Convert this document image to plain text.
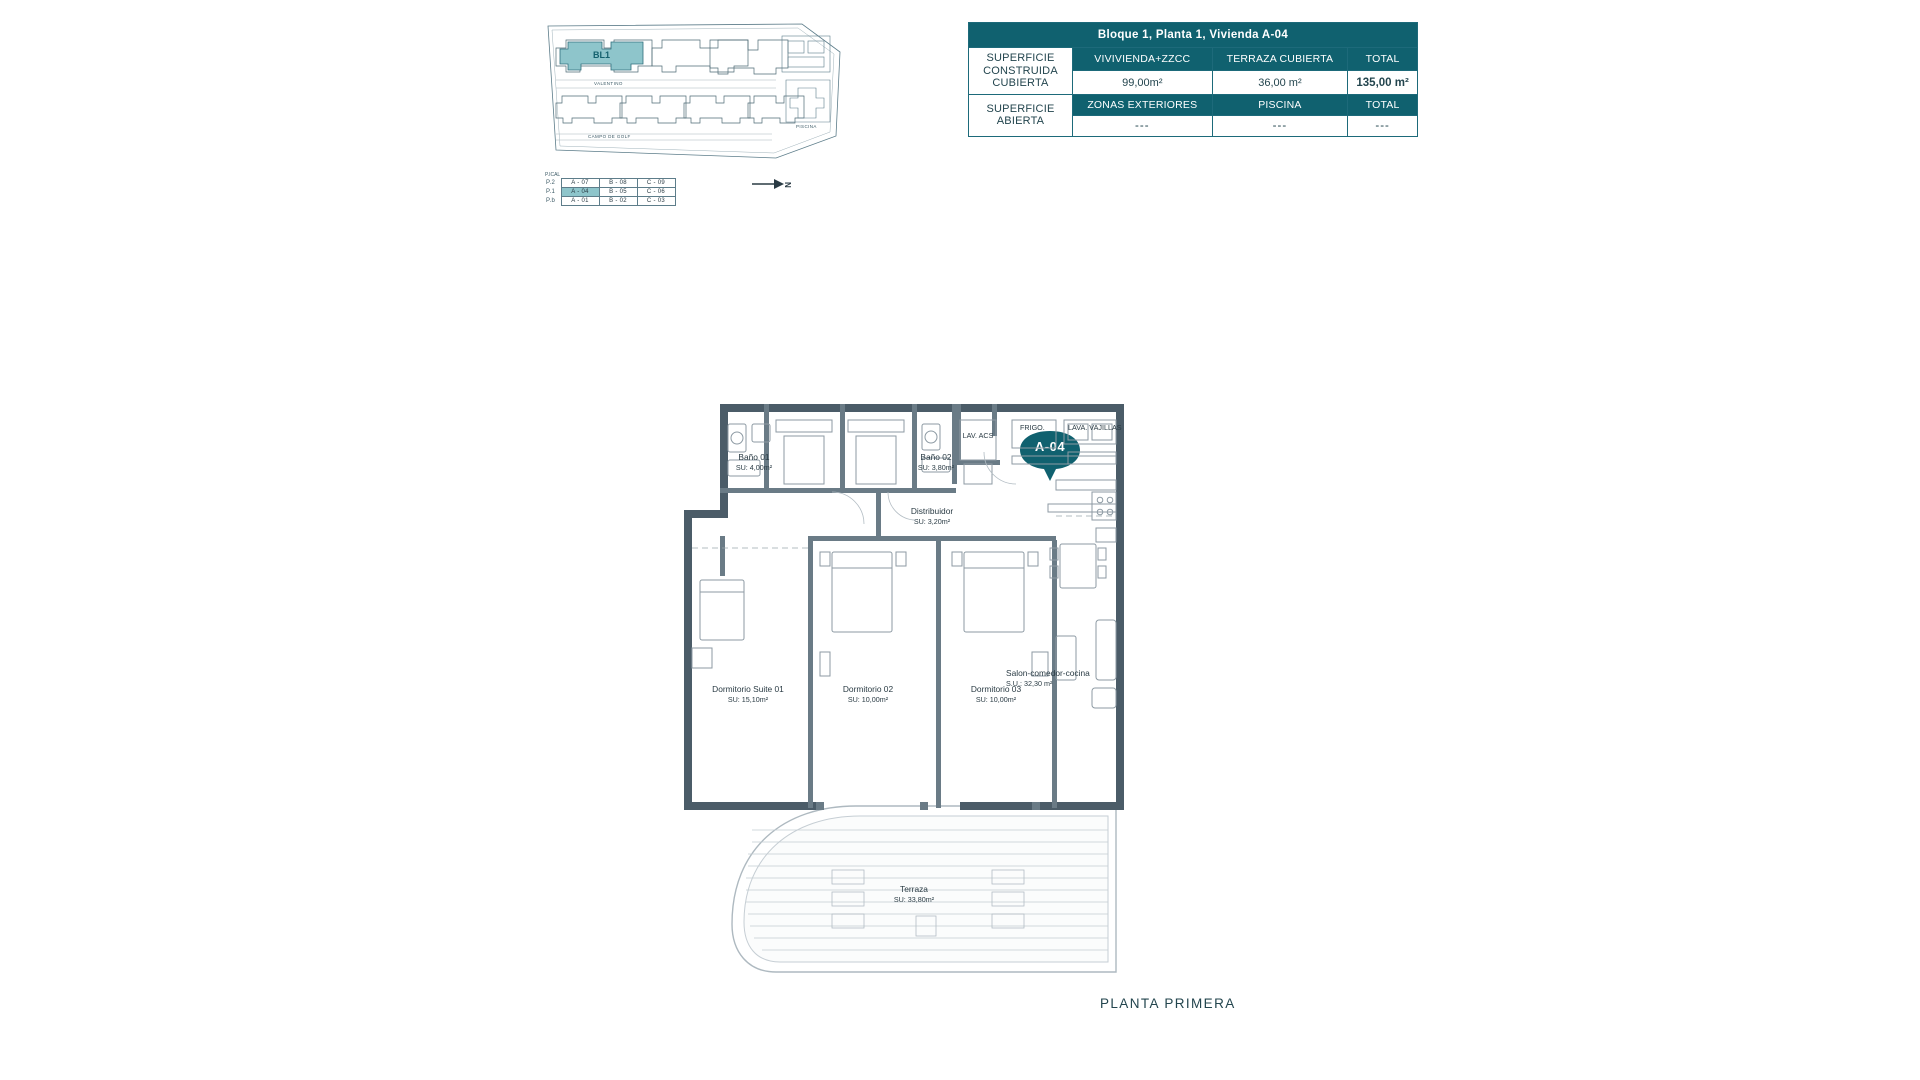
VALENTINO
CAMPO DE GOLF
PISCINA
BL1
P.ICAL
P.2	A - 07	B - 08	C - 09
P.1	A - 04	B - 05	C - 06
P.b	A - 01	B - 02	C - 03
N
Bloque 1, Planta 1, Vivienda A-04			
SUPERFICIE CONSTRUIDA CUBIERTA	VIVIVIENDA+ZZCC	TERRAZA CUBIERTA	TOTAL
	99,00m²	36,00 m²	135,00 m²
SUPERFICIE ABIERTA	ZONAS EXTERIORES	PISCINA	TOTAL
	---	---	---
A-04
Terraza
SU: 33,80m²
Baño 01
SU: 4,00m²
Baño 02
SU: 3,80m²
LAV. ACS
Distribuidor
SU: 3,20m²
Dormitorio Suite 01
SU: 15,10m²
Dormitorio 02
SU: 10,00m²
Dormitorio 03
SU: 10,00m²
Salon-comedor-cocina
S.U.: 32,30 m²
FRIGO.	LAVA. VAJILLAS
PLANTA PRIMERA
